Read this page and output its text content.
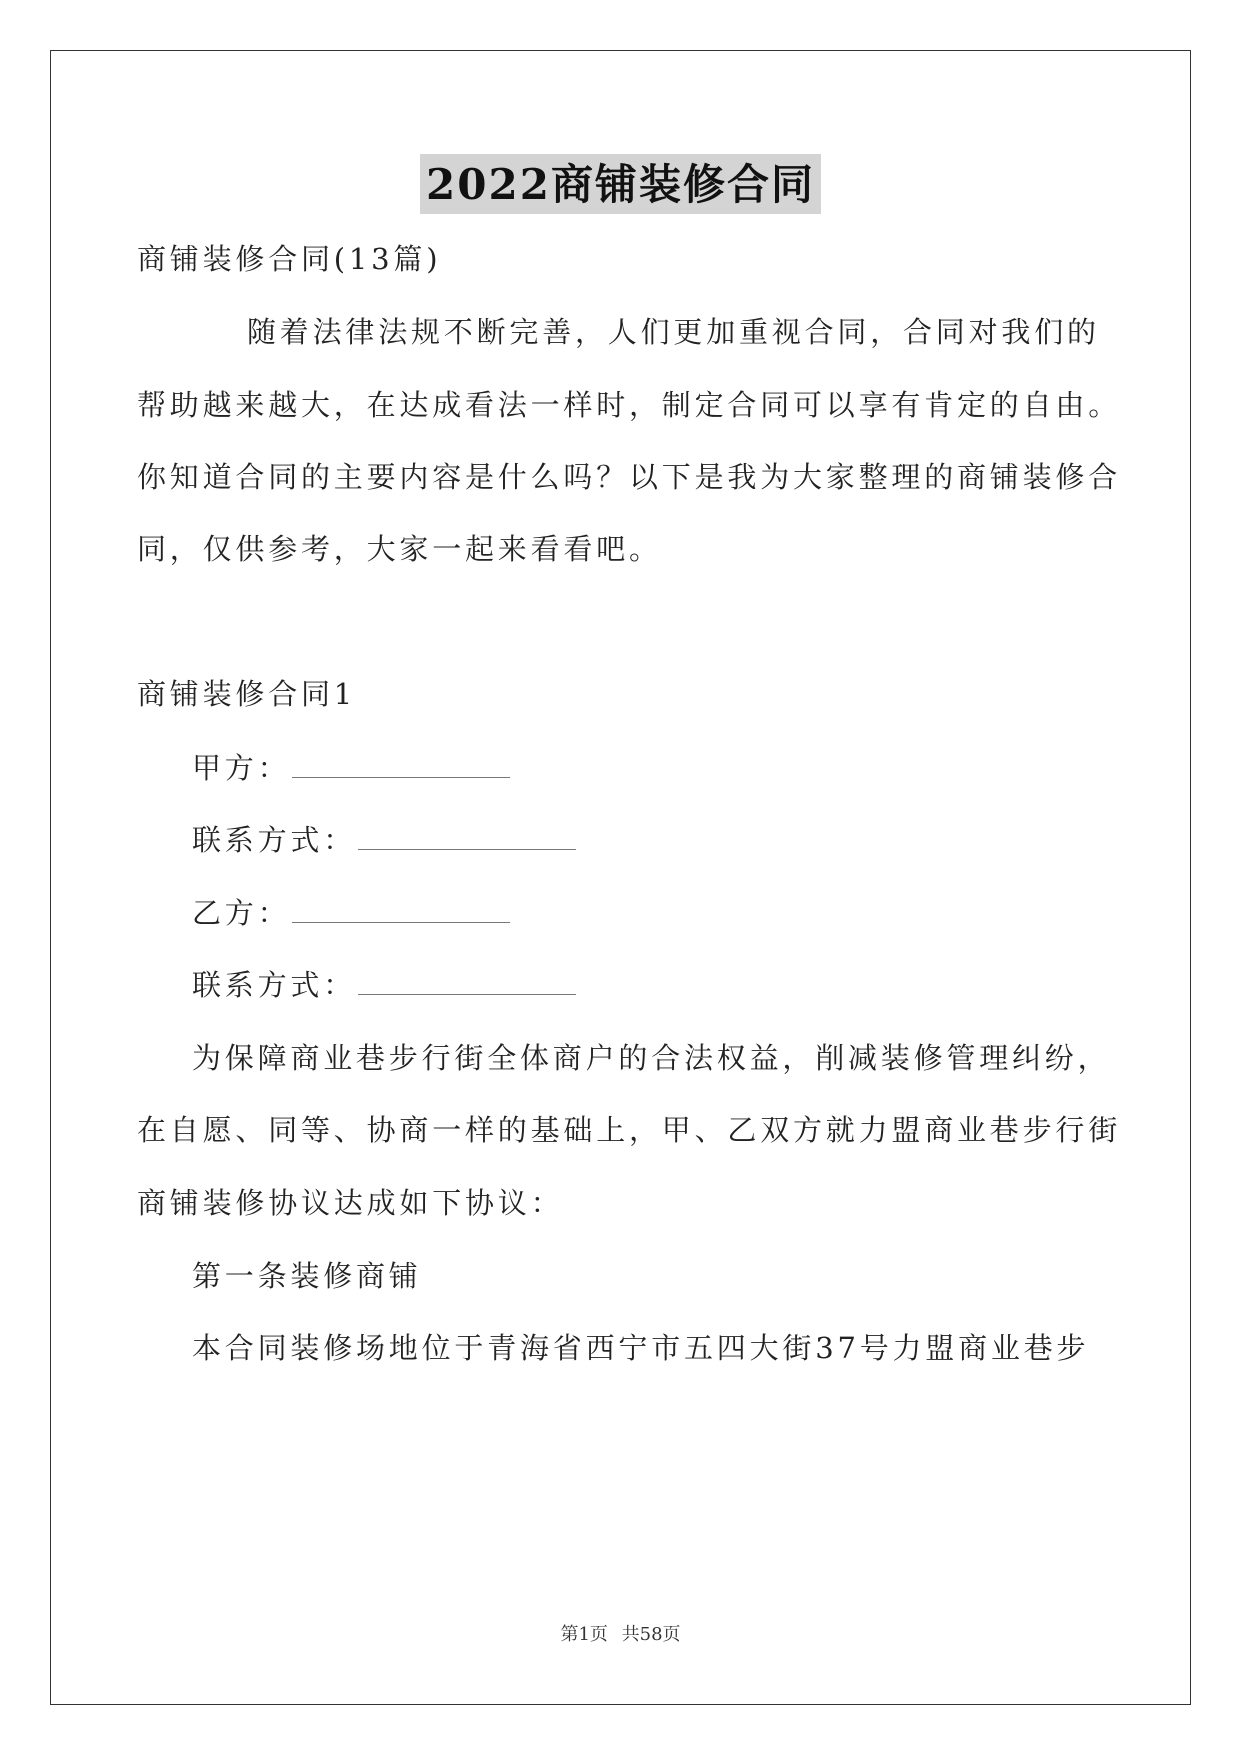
2022商铺装修合同
商铺装修合同(13篇)
随着法律法规不断完善，人们更加重视合同，合同对我们的
帮助越来越大，在达成看法一样时，制定合同可以享有肯定的自由。
你知道合同的主要内容是什么吗？以下是我为大家整理的商铺装修合
同，仅供参考，大家一起来看看吧。
商铺装修合同1
甲方：
联系方式：
乙方：
联系方式：
为保障商业巷步行街全体商户的合法权益，削减装修管理纠纷，
在自愿、同等、协商一样的基础上，甲、乙双方就力盟商业巷步行街
商铺装修协议达成如下协议：
第一条装修商铺
本合同装修场地位于青海省西宁市五四大街37号力盟商业巷步
第1页 共58页
